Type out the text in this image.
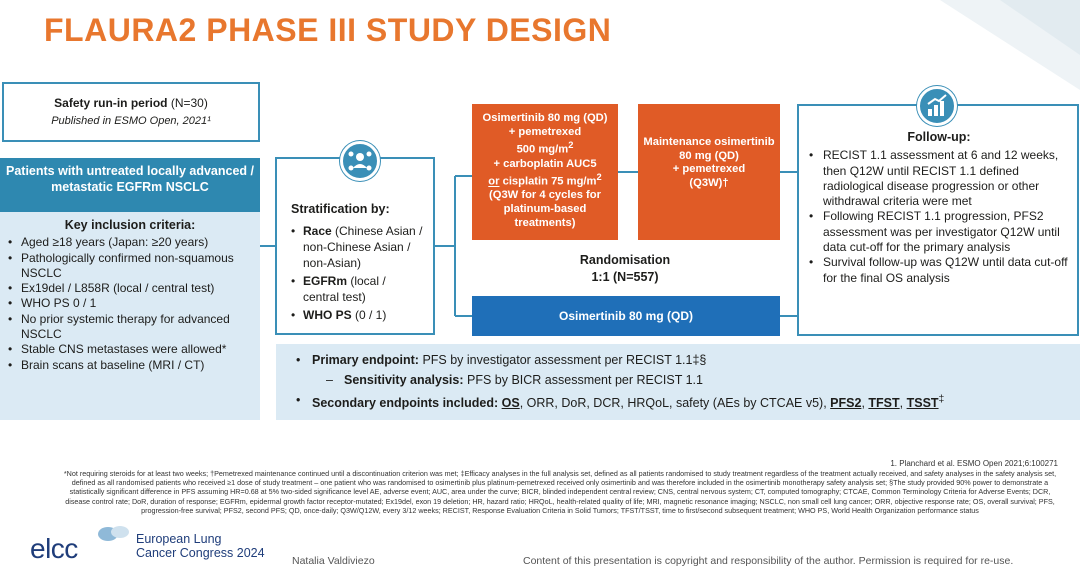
FLAURA2 PHASE III STUDY DESIGN
Safety run-in period (N=30)
Published in ESMO Open, 2021¹
Patients with untreated locally advanced / metastatic EGFRm NSCLC
Key inclusion criteria:
• Aged ≥18 years (Japan: ≥20 years)
• Pathologically confirmed non-squamous NSCLC
• Ex19del / L858R (local / central test)
• WHO PS 0 / 1
• No prior systemic therapy for advanced NSCLC
• Stable CNS metastases were allowed*
• Brain scans at baseline (MRI / CT)
Stratification by:
• Race (Chinese Asian / non-Chinese Asian / non-Asian)
• EGFRm (local / central test)
• WHO PS (0 / 1)
Osimertinib 80 mg (QD)
+ pemetrexed
500 $mg/m^2$
+ carboplatin AUC5
or cisplatin 75 $mg/m^2$
(Q3W for 4 cycles for platinum-based treatments)
Maintenance osimertinib
80 mg (QD)
+ pemetrexed
(Q3W)†
Randomisation
1:1 (N=557)
Osimertinib 80 mg (QD)
Follow-up:
• RECIST 1.1 assessment at 6 and 12 weeks, then Q12W until RECIST 1.1 defined radiological disease progression or other withdrawal criteria were met
• Following RECIST 1.1 progression, PFS2 assessment was per investigator Q12W until data cut-off for the primary analysis
• Survival follow-up was Q12W until data cut-off for the final OS analysis
• Primary endpoint: PFS by investigator assessment per RECIST 1.1‡§
– Sensitivity analysis: PFS by BICR assessment per RECIST 1.1
• Secondary endpoints included: OS, ORR, DoR, DCR, HRQoL, safety (AEs by CTCAE v5), PFS2, TFST, TSST‡
1. Planchard et al. ESMO Open 2021;6:100271
*Not requiring steroids for at least two weeks; †Pemetrexed maintenance continued until a discontinuation criterion was met; ‡Efficacy analyses in the full analysis set, defined as all patients randomised to study treatment regardless of the treatment actually received, and safety analyses in the safety analysis set, defined as all randomised patients who received ≥1 dose of study treatment – one patient who was randomised to osimertinib plus platinum-pemetrexed received only osimertinib and was therefore included in the osimertinib monotherapy safety analysis set; §The study provided 90% power to demonstrate a statistically significant difference in PFS assuming HR=0.68 at 5% two-sided significance level AE, adverse event; AUC, area under the curve; BICR, blinded independent central review; CNS, central nervous system; CT, computed tomography; CTCAE, Common Terminology Criteria for Adverse Events; DCR, disease control rate; DoR, duration of response; EGFRm, epidermal growth factor receptor-mutated; Ex19del, exon 19 deletion; HR, hazard ratio; HRQoL, health-related quality of life; MRI, magnetic resonance imaging; NSCLC, non small cell lung cancer; ORR, objective response rate; OS, overall survival; PFS, progression-free survival; PFS2, second PFS; QD, once-daily; Q3W/Q12W, every 3/12 weeks; RECIST, Response Evaluation Criteria in Solid Tumors; TFST/TSST, time to first/second subsequent treatment; WHO PS, World Health Organization performance status
elcc	European Lung
Cancer Congress 2024
Natalia Valdiviezo	Content of this presentation is copyright and responsibility of the author. Permission is required for re-use.
